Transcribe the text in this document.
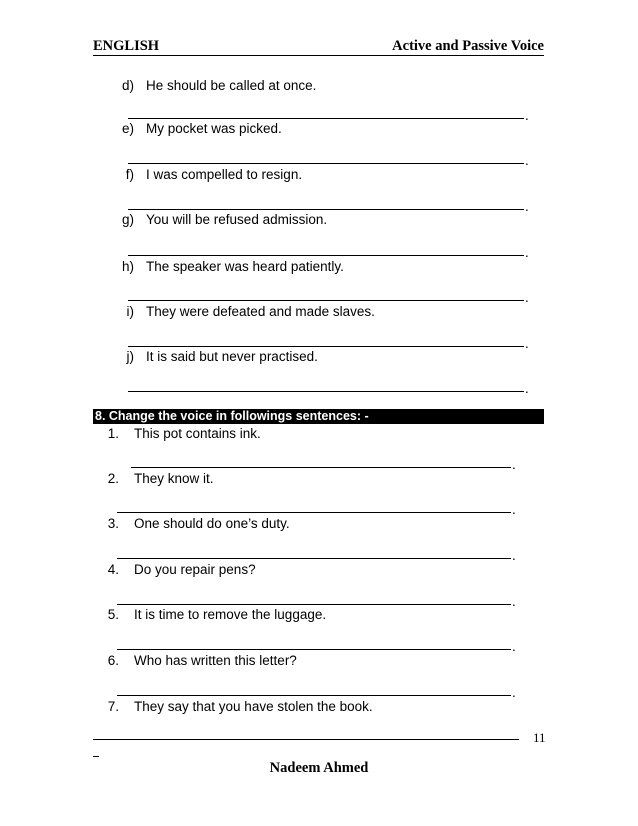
ENGLISH	Active and Passive Voice
d) He should be called at once.
.
e) My pocket was picked.
.
f) I was compelled to resign.
.
g) You will be refused admission.
.
h) The speaker was heard patiently.
.
i) They were defeated and made slaves.
.
j) It is said but never practised.
.
8. Change the voice in followings sentences: -
1. This pot contains ink.
.
2. They know it.
.
3. One should do one’s duty.
.
4. Do you repair pens?
.
5. It is time to remove the luggage.
.
6. Who has written this letter?
.
7. They say that you have stolen the book.
11
Nadeem Ahmed
